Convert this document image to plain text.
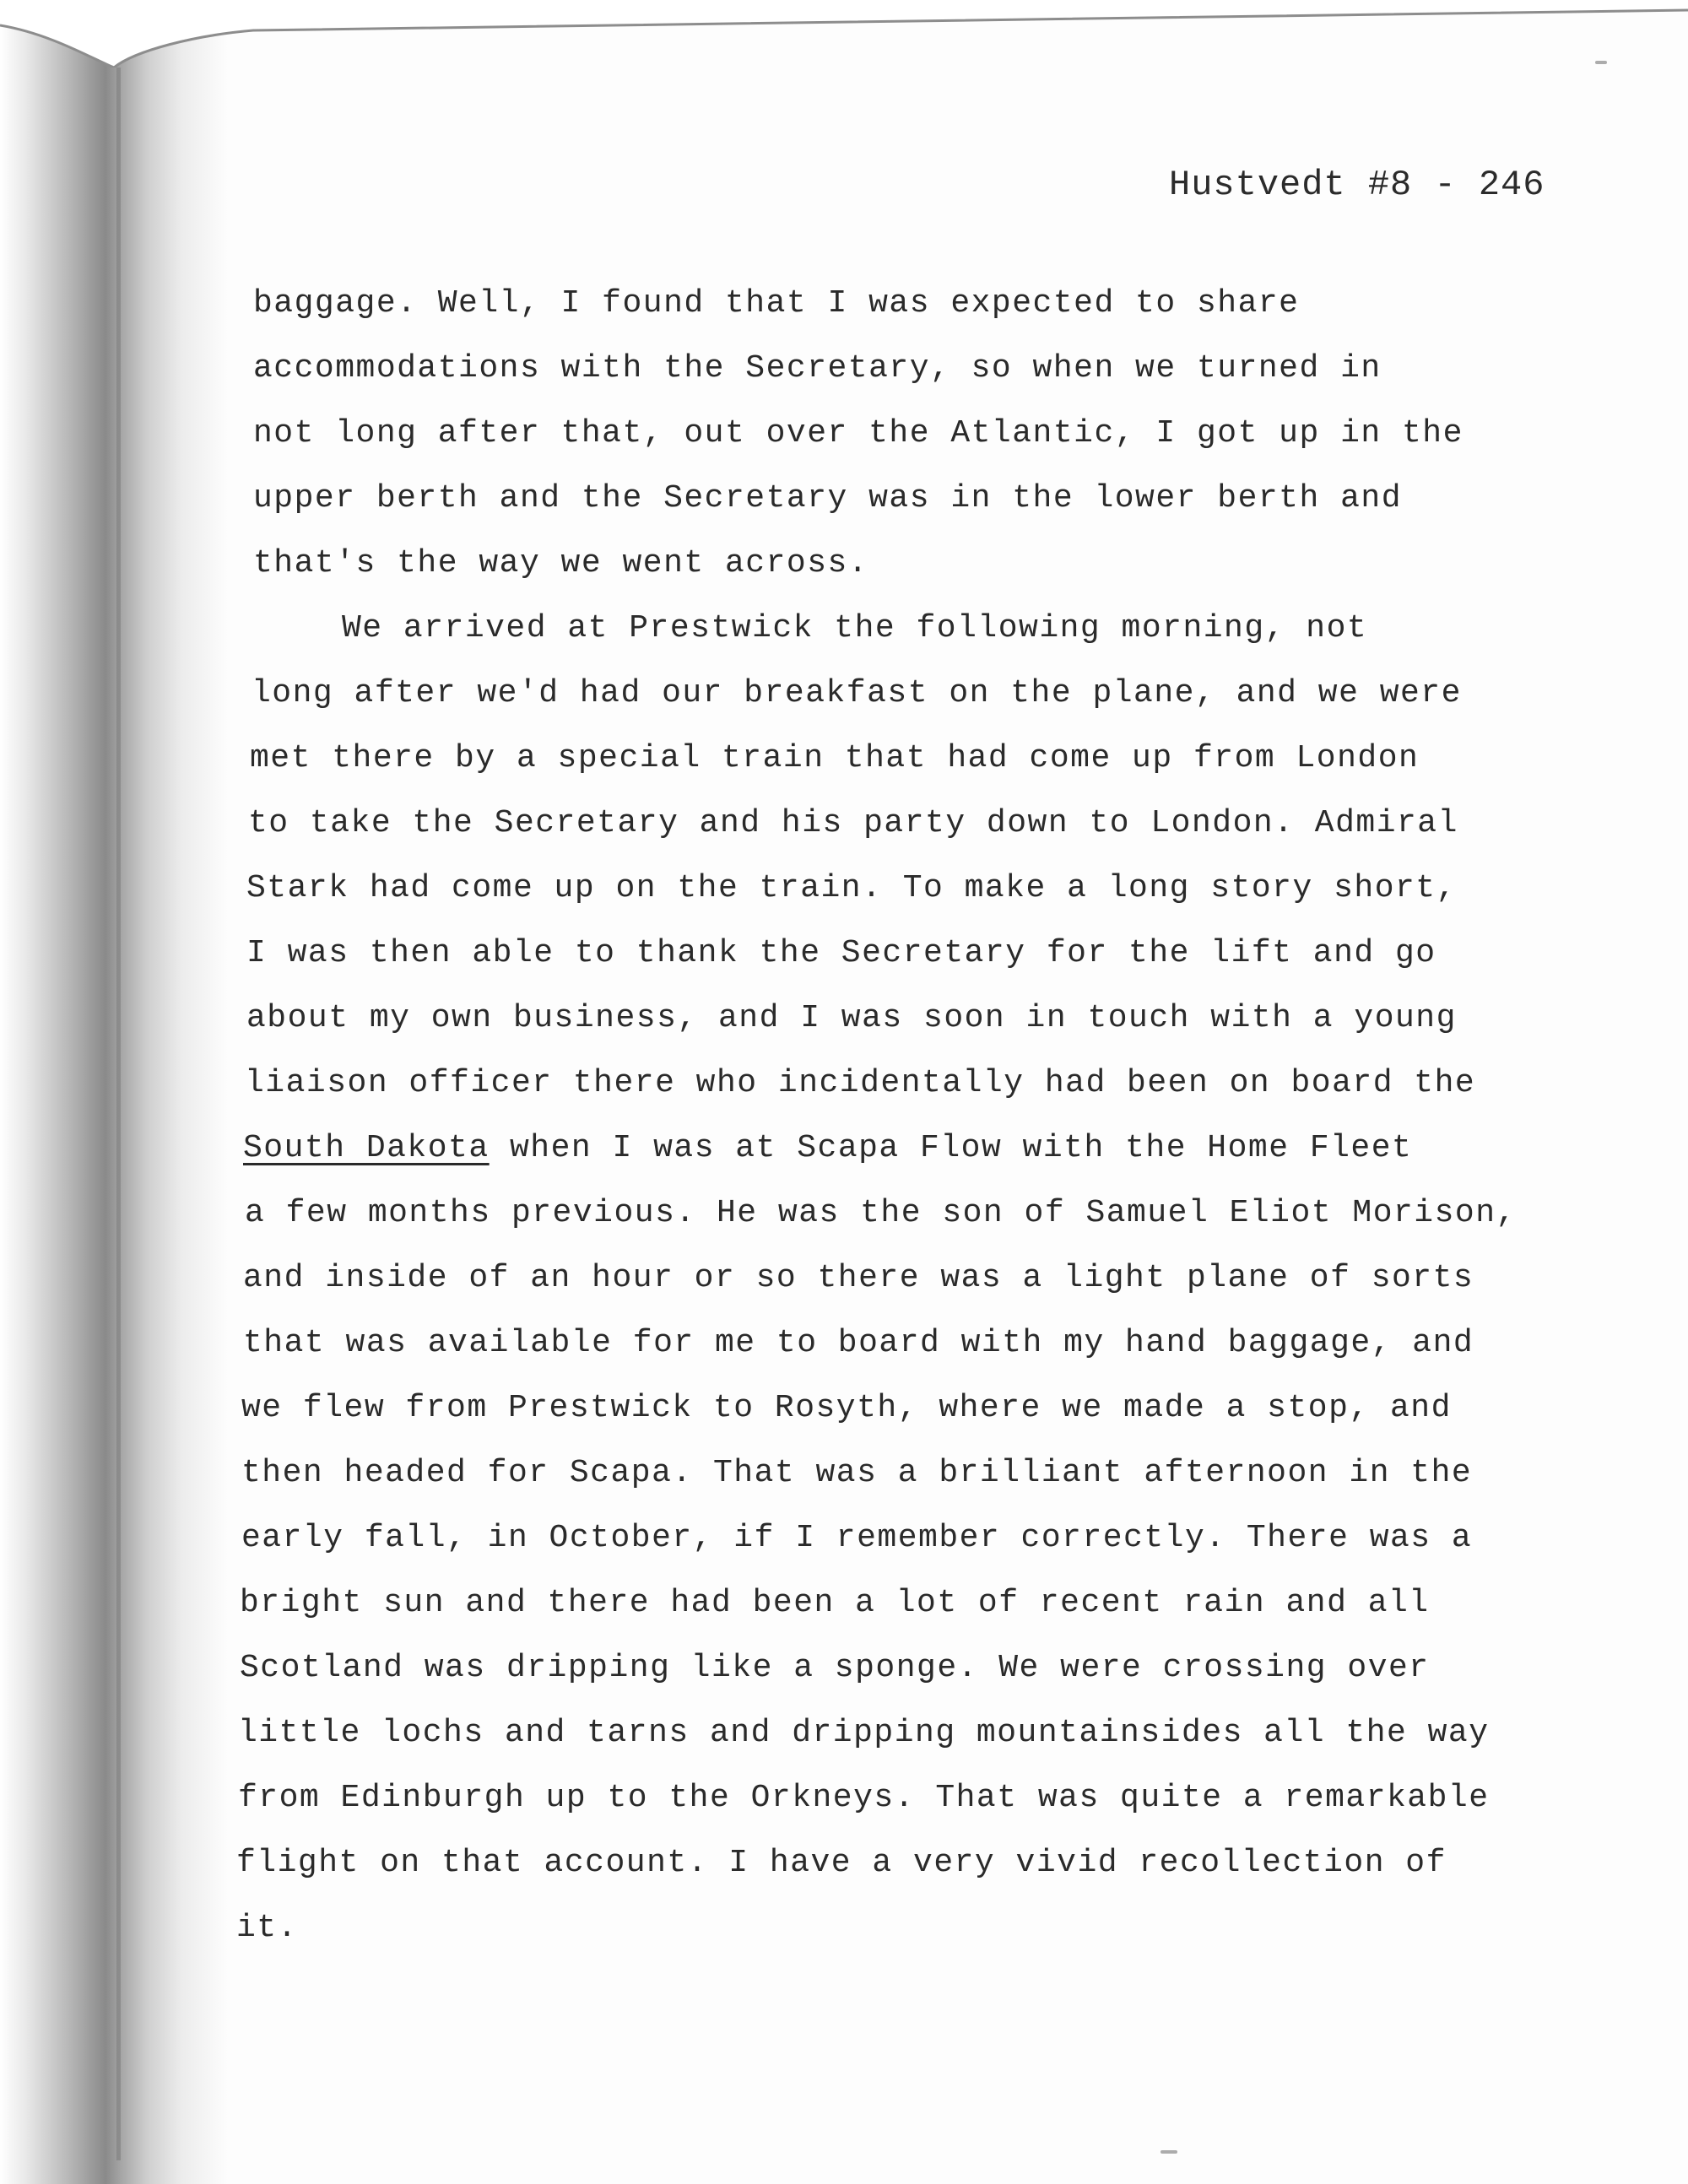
Hustvedt #8 - 246
baggage. Well, I found that I was expected to share
accommodations with the Secretary, so when we turned in
not long after that, out over the Atlantic, I got up in the
upper berth and the Secretary was in the lower berth and
that's the way we went across.
We arrived at Prestwick the following morning, not
long after we'd had our breakfast on the plane, and we were
met there by a special train that had come up from London
to take the Secretary and his party down to London. Admiral
Stark had come up on the train. To make a long story short,
I was then able to thank the Secretary for the lift and go
about my own business, and I was soon in touch with a young
liaison officer there who incidentally had been on board the
South Dakota when I was at Scapa Flow with the Home Fleet
a few months previous. He was the son of Samuel Eliot Morison,
and inside of an hour or so there was a light plane of sorts
that was available for me to board with my hand baggage, and
we flew from Prestwick to Rosyth, where we made a stop, and
then headed for Scapa. That was a brilliant afternoon in the
early fall, in October, if I remember correctly. There was a
bright sun and there had been a lot of recent rain and all
Scotland was dripping like a sponge. We were crossing over
little lochs and tarns and dripping mountainsides all the way
from Edinburgh up to the Orkneys. That was quite a remarkable
flight on that account. I have a very vivid recollection of
it.
